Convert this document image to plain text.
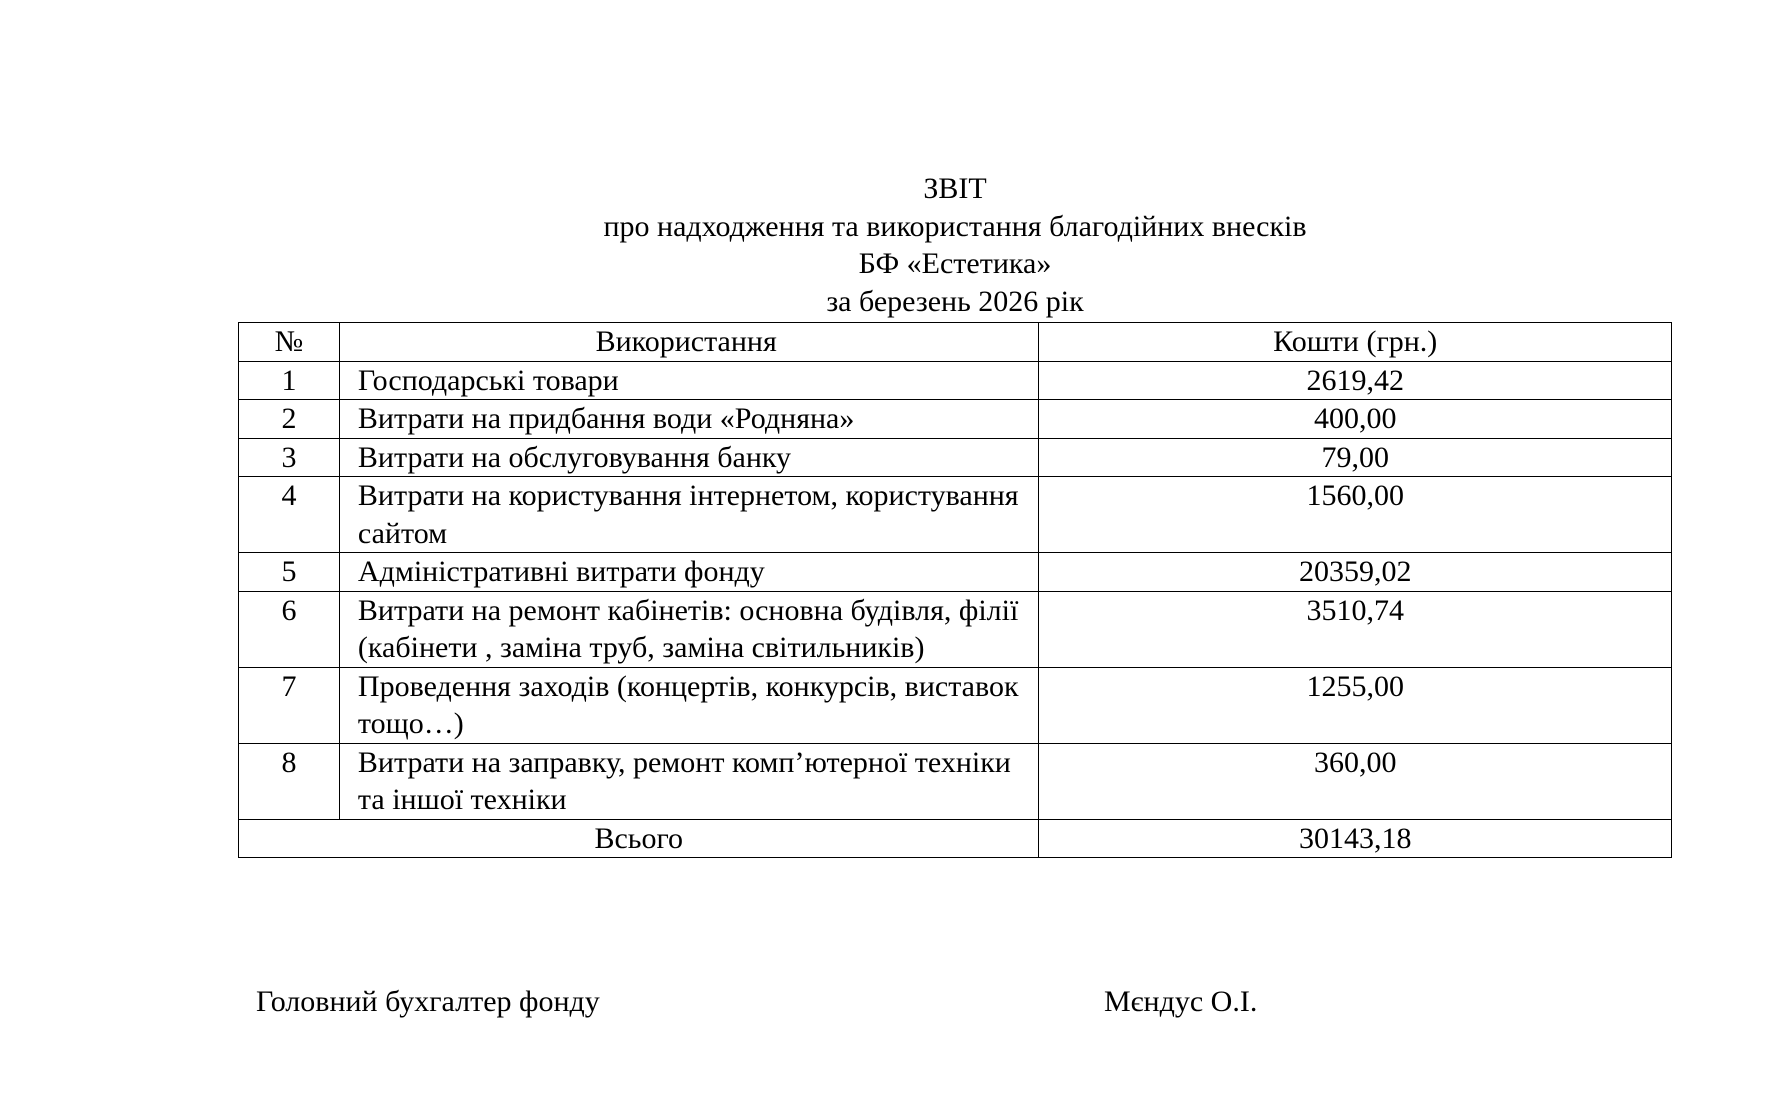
ЗВІТ
про надходження та використання благодійних внесків
БФ «Естетика»
за березень 2026 рік
№	Використання	Кошти (грн.)
1	Господарські товари	2619,42
2	Витрати на придбання води «Родняна»	400,00
3	Витрати на обслуговування банку	79,00
4	Витрати на користування інтернетом, користування сайтом	1560,00
5	Адміністративні витрати фонду	20359,02
6	Витрати на ремонт кабінетів: основна будівля, філії (кабінети , заміна труб, заміна світильників)	3510,74
7	Проведення заходів (концертів, конкурсів, виставок тощо…)	1255,00
8	Витрати на заправку, ремонт комп’ютерної техніки та іншої техніки	360,00
Всього		30143,18
Головний бухгалтер фонду	Мєндус О.І.
